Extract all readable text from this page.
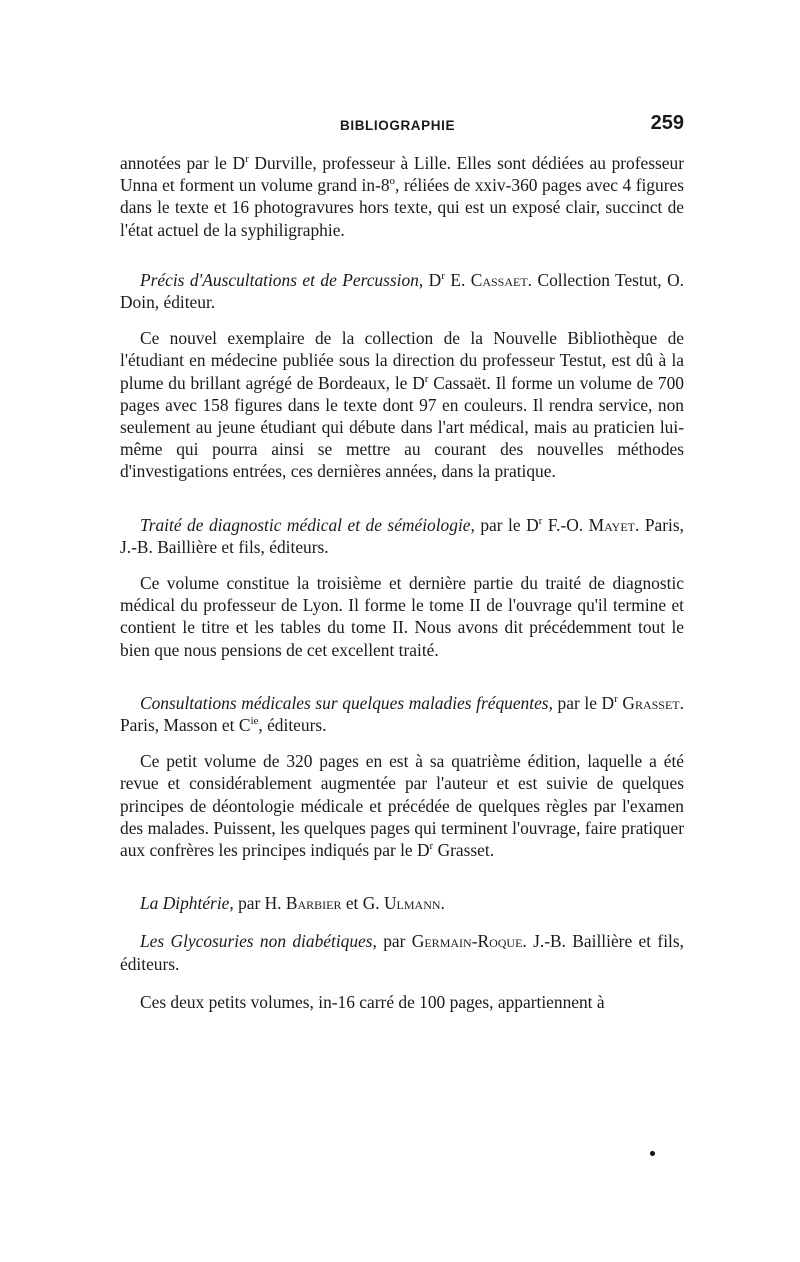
BIBLIOGRAPHIE	259

annotées par le $D^r$ Durville, professeur à Lille. Elles sont dédiées au professeur Unna et forment un volume grand in-8$^o$, réliées de xxiv-360 pages avec 4 figures dans le texte et 16 photogravures hors texte, qui est un exposé clair, succinct de l'état actuel de la syphiligraphie.

Précis d'Auscultations et de Percussion, $D^r$ E. Cassaet. Collection Testut, O. Doin, éditeur.

Ce nouvel exemplaire de la collection de la Nouvelle Bibliothèque de l'étudiant en médecine publiée sous la direction du professeur Testut, est dû à la plume du brillant agrégé de Bordeaux, le $D^r$ Cassaët. Il forme un volume de 700 pages avec 158 figures dans le texte dont 97 en couleurs. Il rendra service, non seulement au jeune étudiant qui débute dans l'art médical, mais au praticien lui-même qui pourra ainsi se mettre au courant des nouvelles méthodes d'investigations entrées, ces dernières années, dans la pratique.

Traité de diagnostic médical et de séméiologie, par le $D^r$ F.-O. Mayet. Paris, J.-B. Baillière et fils, éditeurs.

Ce volume constitue la troisième et dernière partie du traité de diagnostic médical du professeur de Lyon. Il forme le tome II de l'ouvrage qu'il termine et contient le titre et les tables du tome II. Nous avons dit précédemment tout le bien que nous pensions de cet excellent traité.

Consultations médicales sur quelques maladies fréquentes, par le $D^r$ Grasset. Paris, Masson et $C^{ie}$, éditeurs.

Ce petit volume de 320 pages en est à sa quatrième édition, laquelle a été revue et considérablement augmentée par l'auteur et est suivie de quelques principes de déontologie médicale et précédée de quelques règles par l'examen des malades. Puissent, les quelques pages qui terminent l'ouvrage, faire pratiquer aux confrères les principes indiqués par le $D^r$ Grasset.

La Diphtérie, par H. Barbier et G. Ulmann.

Les Glycosuries non diabétiques, par Germain-Roque. J.-B. Baillière et fils, éditeurs.

Ces deux petits volumes, in-16 carré de 100 pages, appartiennent à
